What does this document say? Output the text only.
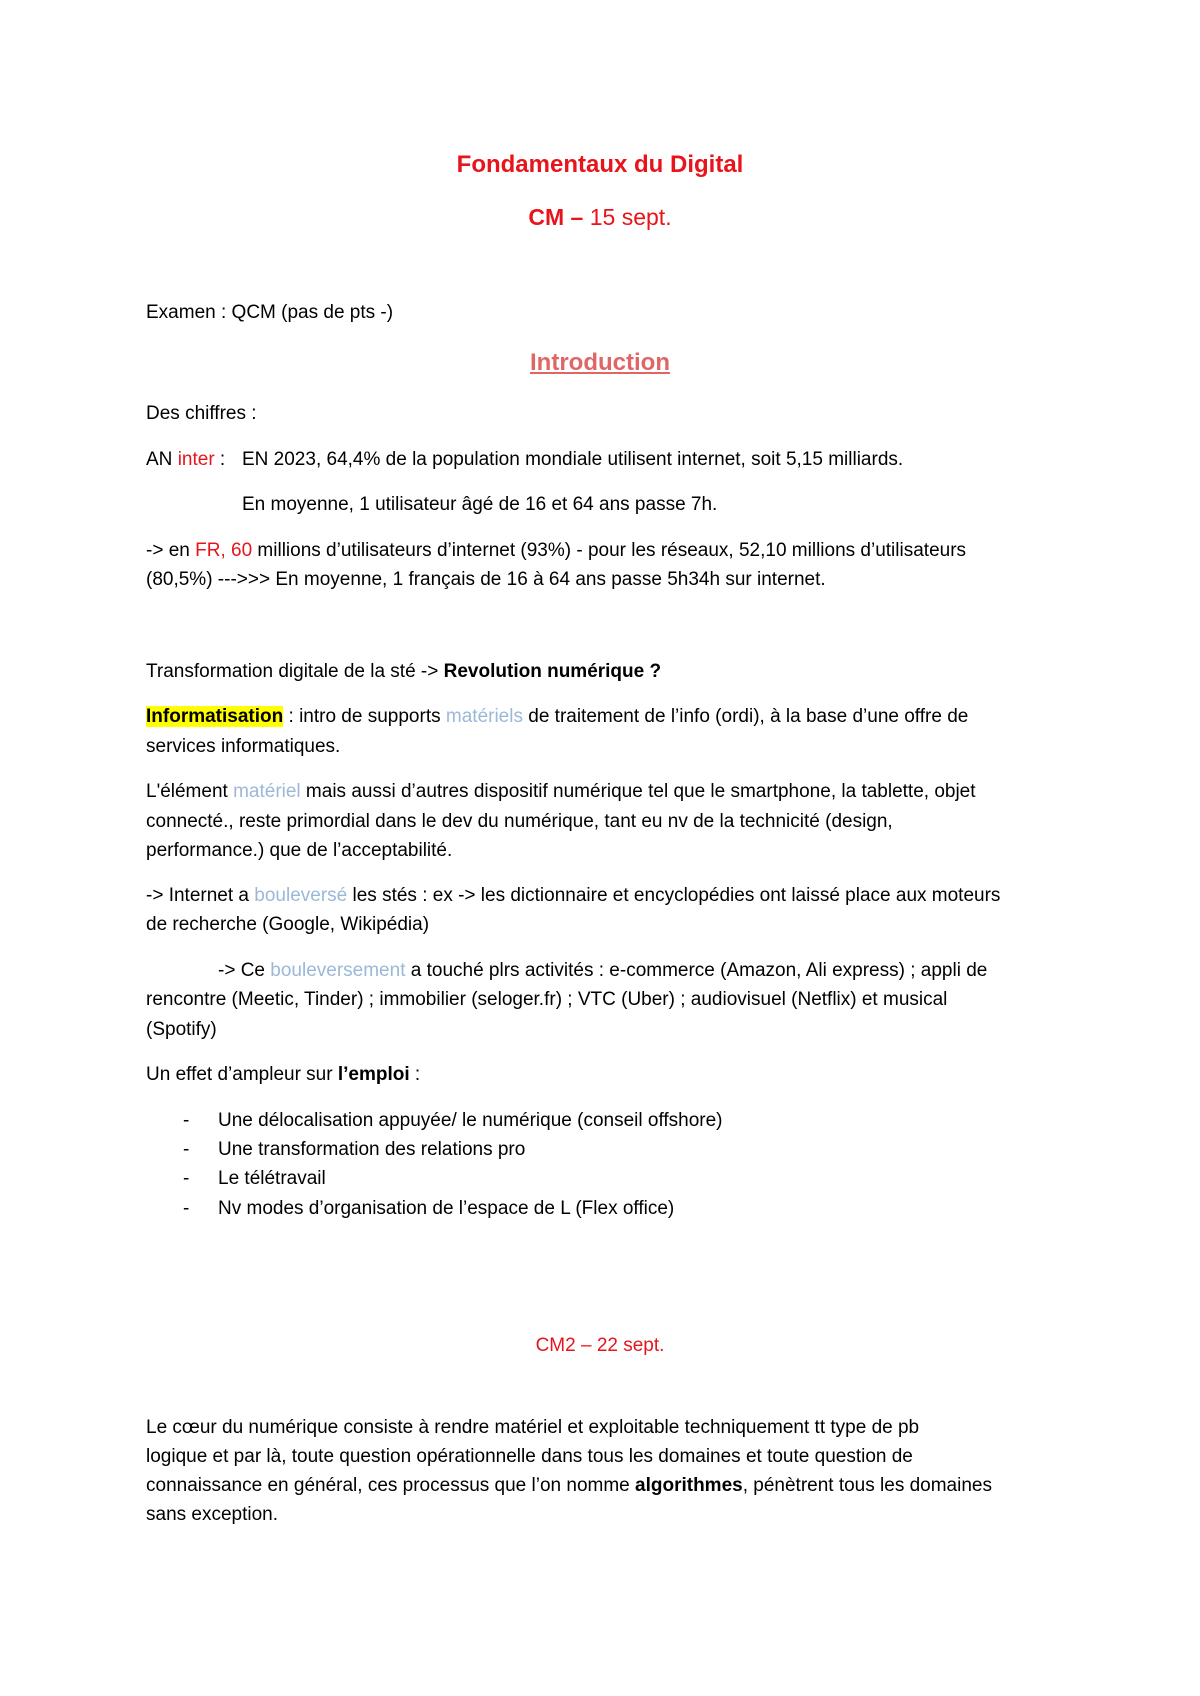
Fondamentaux du Digital
CM – 15 sept.
Examen : QCM (pas de pts -)
Introduction
Des chiffres :
AN inter : EN 2023, 64,4% de la population mondiale utilisent internet, soit 5,15 milliards.
En moyenne, 1 utilisateur âgé de 16 et 64 ans passe 7h.
-> en FR, 60 millions d’utilisateurs d’internet (93%) - pour les réseaux, 52,10 millions d’utilisateurs
(80,5%) --->>> En moyenne, 1 français de 16 à 64 ans passe 5h34h sur internet.
Transformation digitale de la sté -> Revolution numérique ?
Informatisation : intro de supports matériels de traitement de l’info (ordi), à la base d’une offre de
services informatiques.
L'élément matériel mais aussi d’autres dispositif numérique tel que le smartphone, la tablette, objet
connecté., reste primordial dans le dev du numérique, tant eu nv de la technicité (design,
performance.) que de l’acceptabilité.
-> Internet a bouleversé les stés : ex -> les dictionnaire et encyclopédies ont laissé place aux moteurs
de recherche (Google, Wikipédia)
-> Ce bouleversement a touché plrs activités : e-commerce (Amazon, Ali express) ; appli de
rencontre (Meetic, Tinder) ; immobilier (seloger.fr) ; VTC (Uber) ; audiovisuel (Netflix) et musical
(Spotify)
Un effet d’ampleur sur l’emploi :
- Une délocalisation appuyée/ le numérique (conseil offshore)
- Une transformation des relations pro
- Le télétravail
- Nv modes d’organisation de l’espace de L (Flex office)
CM2 – 22 sept.
Le cœur du numérique consiste à rendre matériel et exploitable techniquement tt type de pb
logique et par là, toute question opérationnelle dans tous les domaines et toute question de
connaissance en général, ces processus que l’on nomme algorithmes, pénètrent tous les domaines
sans exception.
